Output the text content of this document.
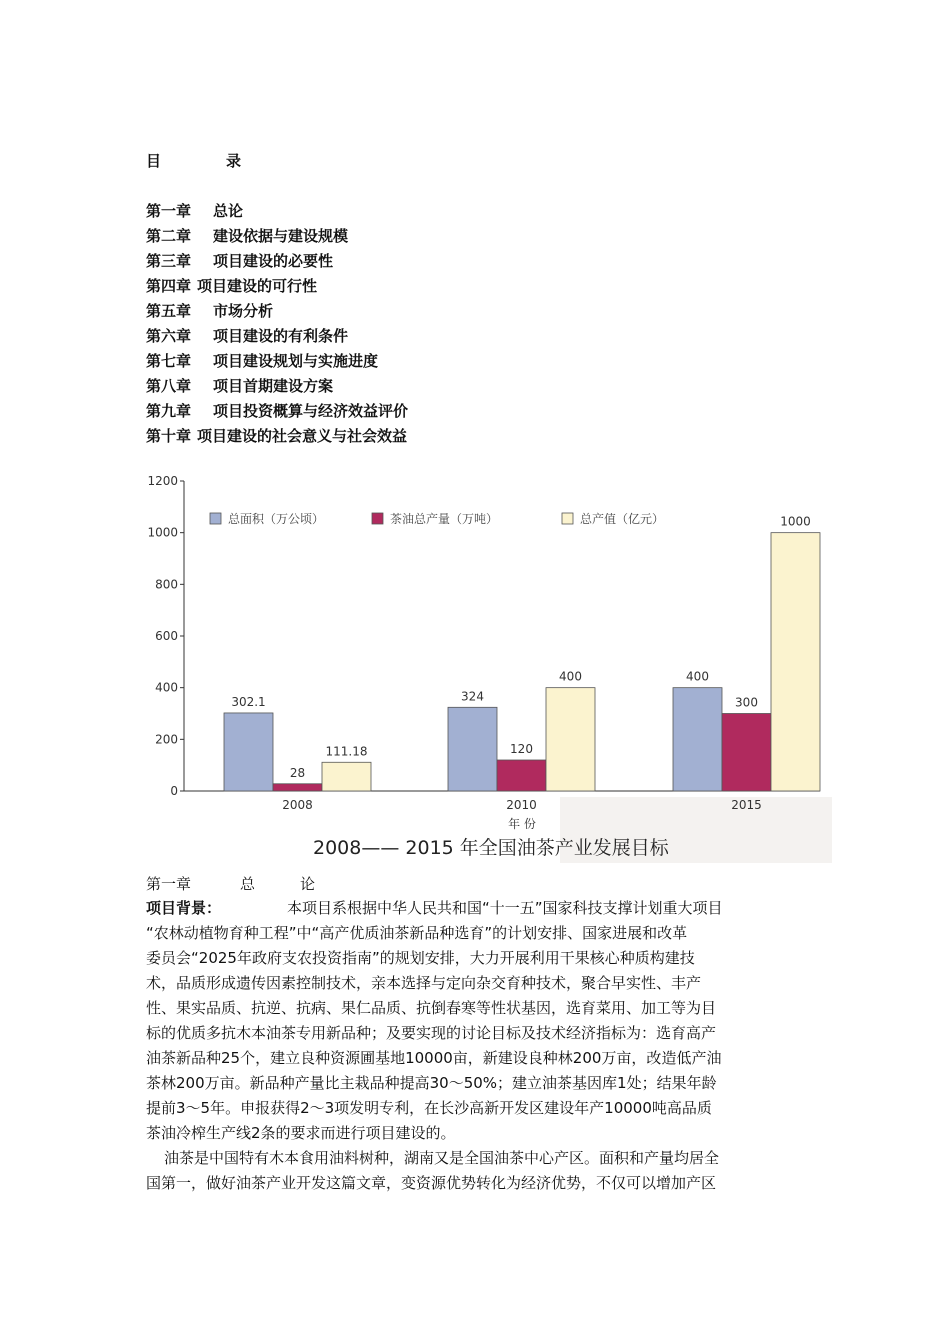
目	录
第一章 总论
第二章 建设依据与建设规模
第三章 项目建设的必要性
第四章 项目建设的可行性
第五章 市场分析
第六章 项目建设的有利条件
第七章 项目建设规划与实施进度
第八章 项目首期建设方案
第九章 项目投资概算与经济效益评价
第十章 项目建设的社会意义与社会效益
0
200
400
600
800
1000
1200
302.1
28
111.18
2008
324
120
400
2010
400
300
1000
2015
总面积（万公顷）	茶油总产量（万吨）	总产值（亿元）
年 份
2008—— 2015 年全国油茶产业发展目标
第一章	总	论
项目背景：	本项目系根据中华人民共和国“十一五”国家科技支撑计划重大项目
“农林动植物育种工程”中“高产优质油茶新品种选育”的计划安排、国家进展和改革
委员会“2025年政府支农投资指南”的规划安排，大力开展利用干果核心种质构建技
术，品质形成遗传因素控制技术，亲本选择与定向杂交育种技术，聚合早实性、丰产
性、果实品质、抗逆、抗病、果仁品质、抗倒春寒等性状基因，选育菜用、加工等为目
标的优质多抗木本油茶专用新品种；及要实现的讨论目标及技术经济指标为：选育高产
油茶新品种25个，建立良种资源圃基地10000亩，新建设良种林200万亩，改造低产油
茶林200万亩。新品种产量比主栽品种提高30～50%；建立油茶基因库1处；结果年龄
提前3～5年。申报获得2～3项发明专利，在长沙高新开发区建设年产10000吨高品质
茶油冷榨生产线2条的要求而进行项目建设的。
油茶是中国特有木本食用油料树种，湖南又是全国油茶中心产区。面积和产量均居全
国第一，做好油茶产业开发这篇文章，变资源优势转化为经济优势，不仅可以增加产区
